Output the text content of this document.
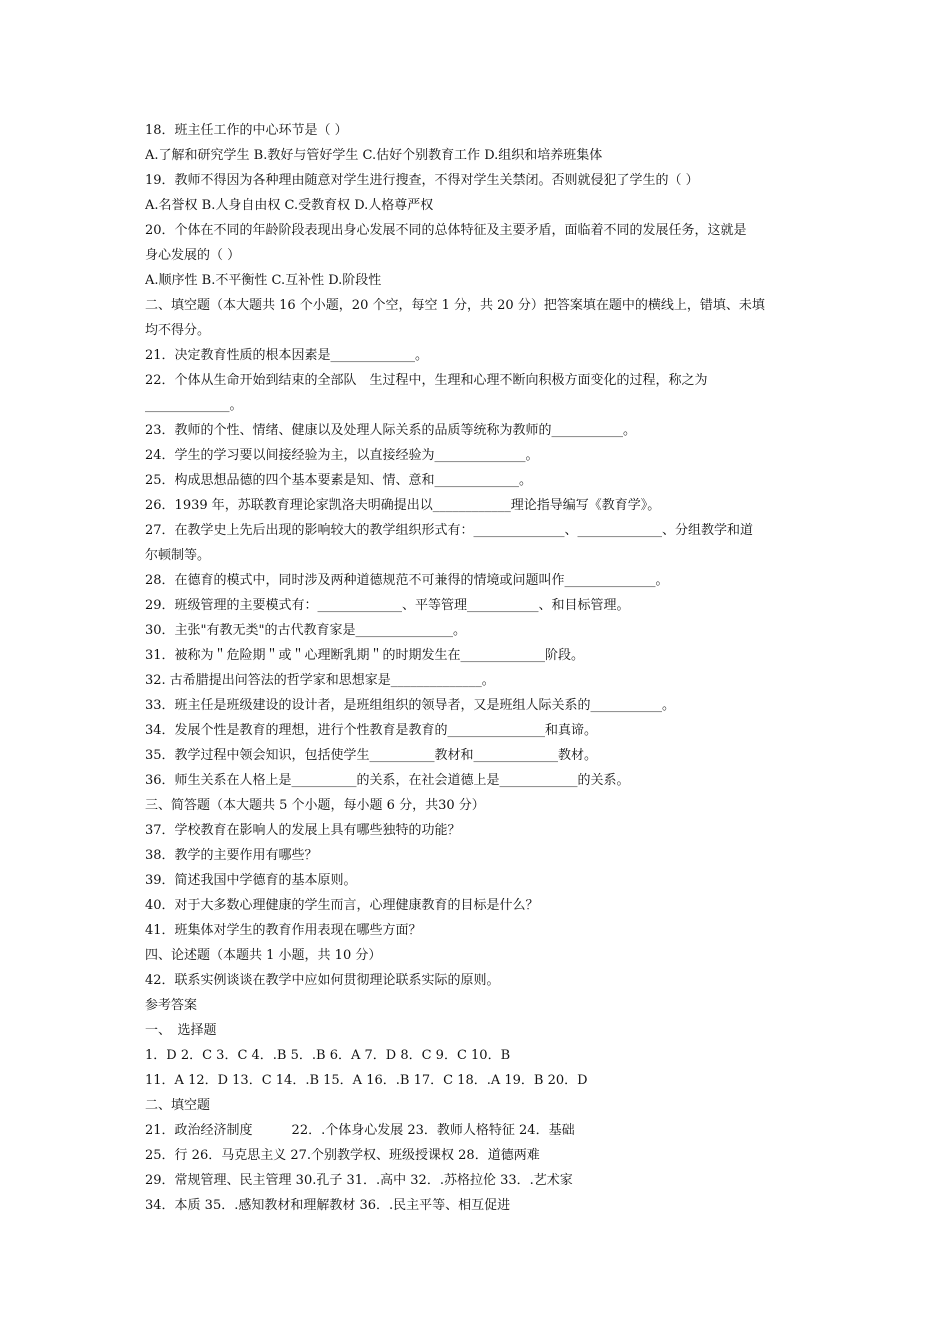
18．班主任工作的中心环节是（ ）
A.了解和研究学生 B.教好与管好学生 C.估好个别教育工作 D.组织和培养班集体
19．教师不得因为各种理由随意对学生进行搜查，不得对学生关禁闭。否则就侵犯了学生的（ ）
A.名誉权 B.人身自由权 C.受教育权 D.人格尊严权
20．个体在不同的年龄阶段表现出身心发展不同的总体特征及主要矛盾，面临着不同的发展任务，这就是
身心发展的（ ）
A.顺序性 B.不平衡性 C.互补性 D.阶段性
二、填空题（本大题共 16 个小题，20 个空，每空 1 分，共 20 分）把答案填在题中的横线上，错填、未填
均不得分。
21．决定教育性质的根本因素是_____________。
22．个体从生命开始到结束的全部队　生过程中，生理和心理不断向积极方面变化的过程，称之为
_____________。
23．教师的个性、情绪、健康以及处理人际关系的品质等统称为教师的___________。
24．学生的学习要以间接经验为主，以直接经验为______________。
25．构成思想品德的四个基本要素是知、情、意和_____________。
26．1939 年，苏联教育理论家凯洛夫明确提出以____________理论指导编写《教育学》。
27．在教学史上先后出现的影响较大的教学组织形式有：______________、_____________、分组教学和道
尔顿制等。
28．在德育的模式中，同时涉及两种道德规范不可兼得的情境或问题叫作______________。
29．班级管理的主要模式有：_____________、平等管理___________、和目标管理。
30．主张"有教无类"的古代教育家是_______________。
31．被称为＂危险期＂或＂心理断乳期＂的时期发生在_____________阶段。
32. 古希腊提出问答法的哲学家和思想家是______________。
33．班主任是班级建设的设计者，是班组组织的领导者，又是班组人际关系的___________。
34．发展个性是教育的理想，进行个性教育是教育的_______________和真谛。
35．教学过程中领会知识，包括使学生__________教材和_____________教材。
36．师生关系在人格上是__________的关系，在社会道德上是____________的关系。
三、简答题（本大题共 5 个小题，每小题 6 分，共30 分）
37．学校教育在影响人的发展上具有哪些独特的功能？
38．教学的主要作用有哪些？
39．简述我国中学德育的基本原则。
40．对于大多数心理健康的学生而言，心理健康教育的目标是什么？
41．班集体对学生的教育作用表现在哪些方面？
四、论述题（本题共 1 小题，共 10 分）
42．联系实例谈谈在教学中应如何贯彻理论联系实际的原则。
参考答案
一、　选择题
1．D 2．C 3．C 4．.B 5．.B 6．A 7．D 8．C 9．C 10．B
11．A 12．D 13．C 14．.B 15．A 16．.B 17．C 18．.A 19．B 20．D
二、填空题
21．政治经济制度　　　22．.个体身心发展 23．教师人格特征 24．基础
25．行 26．马克思主义 27.个别教学权、班级授课权 28．道德两难
29．常规管理、民主管理 30.孔子 31．.高中 32．.苏格拉伦 33．.艺术家
34．本质 35．.感知教材和理解教材 36．.民主平等、相互促进
